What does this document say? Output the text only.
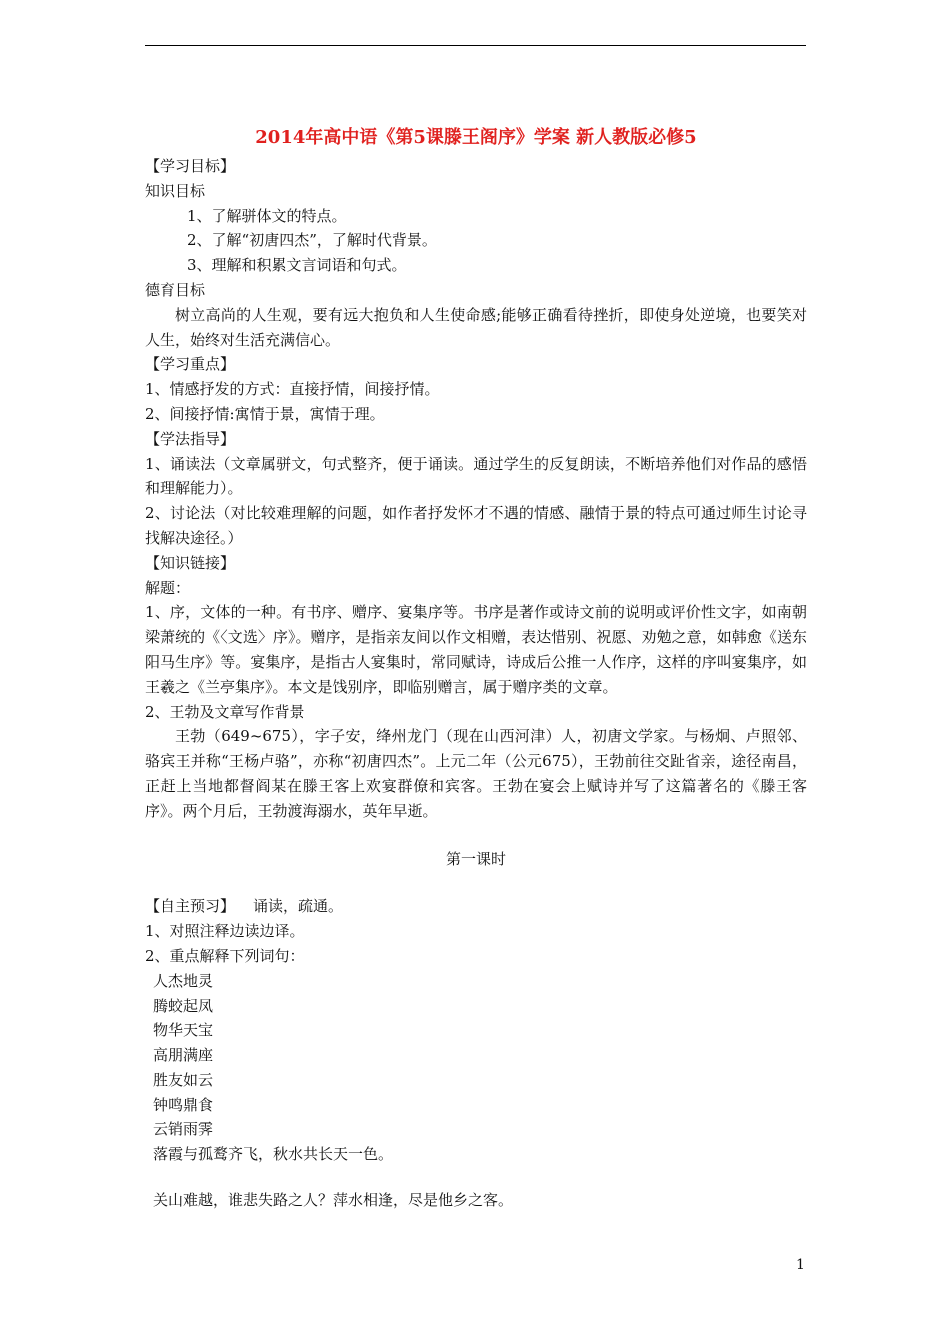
2014年高中语《第5课滕王阁序》学案 新人教版必修5
【学习目标】
知识目标
1、了解骈体文的特点。
2、了解“初唐四杰”，了解时代背景。
3、理解和积累文言词语和句式。
德育目标
树立高尚的人生观，要有远大抱负和人生使命感;能够正确看待挫折，即使身处逆境，也要笑对人生，始终对生活充满信心。
【学习重点】
1、情感抒发的方式：直接抒情，间接抒情。
2、间接抒情:寓情于景，寓情于理。
【学法指导】
1、诵读法（文章属骈文，句式整齐，便于诵读。通过学生的反复朗读，不断培养他们对作品的感悟和理解能力）。
2、讨论法（对比较难理解的问题，如作者抒发怀才不遇的情感、融情于景的特点可通过师生讨论寻找解决途径。）
【知识链接】
解题：
1、序，文体的一种。有书序、赠序、宴集序等。书序是著作或诗文前的说明或评价性文字，如南朝梁萧统的《〈文选〉序》。赠序，是指亲友间以作文相赠，表达惜别、祝愿、劝勉之意，如韩愈《送东阳马生序》等。宴集序，是指古人宴集时，常同赋诗，诗成后公推一人作序，这样的序叫宴集序，如王羲之《兰亭集序》。本文是饯别序，即临别赠言，属于赠序类的文章。
2、王勃及文章写作背景
王勃（649~675），字子安，绛州龙门（现在山西河津）人，初唐文学家。与杨炯、卢照邻、骆宾王并称“王杨卢骆”，亦称“初唐四杰”。上元二年（公元675），王勃前往交趾省亲，途径南昌，正赶上当地都督阎某在滕王客上欢宴群僚和宾客。王勃在宴会上赋诗并写了这篇著名的《滕王客序》。两个月后，王勃渡海溺水，英年早逝。
第一课时
【自主预习】 诵读，疏通。
1、对照注释边读边译。
2、重点解释下列词句：
人杰地灵
腾蛟起凤
物华天宝
高朋满座
胜友如云
钟鸣鼎食
云销雨霁
落霞与孤鹜齐飞，秋水共长天一色。
关山难越，谁悲失路之人？萍水相逢，尽是他乡之客。
1
